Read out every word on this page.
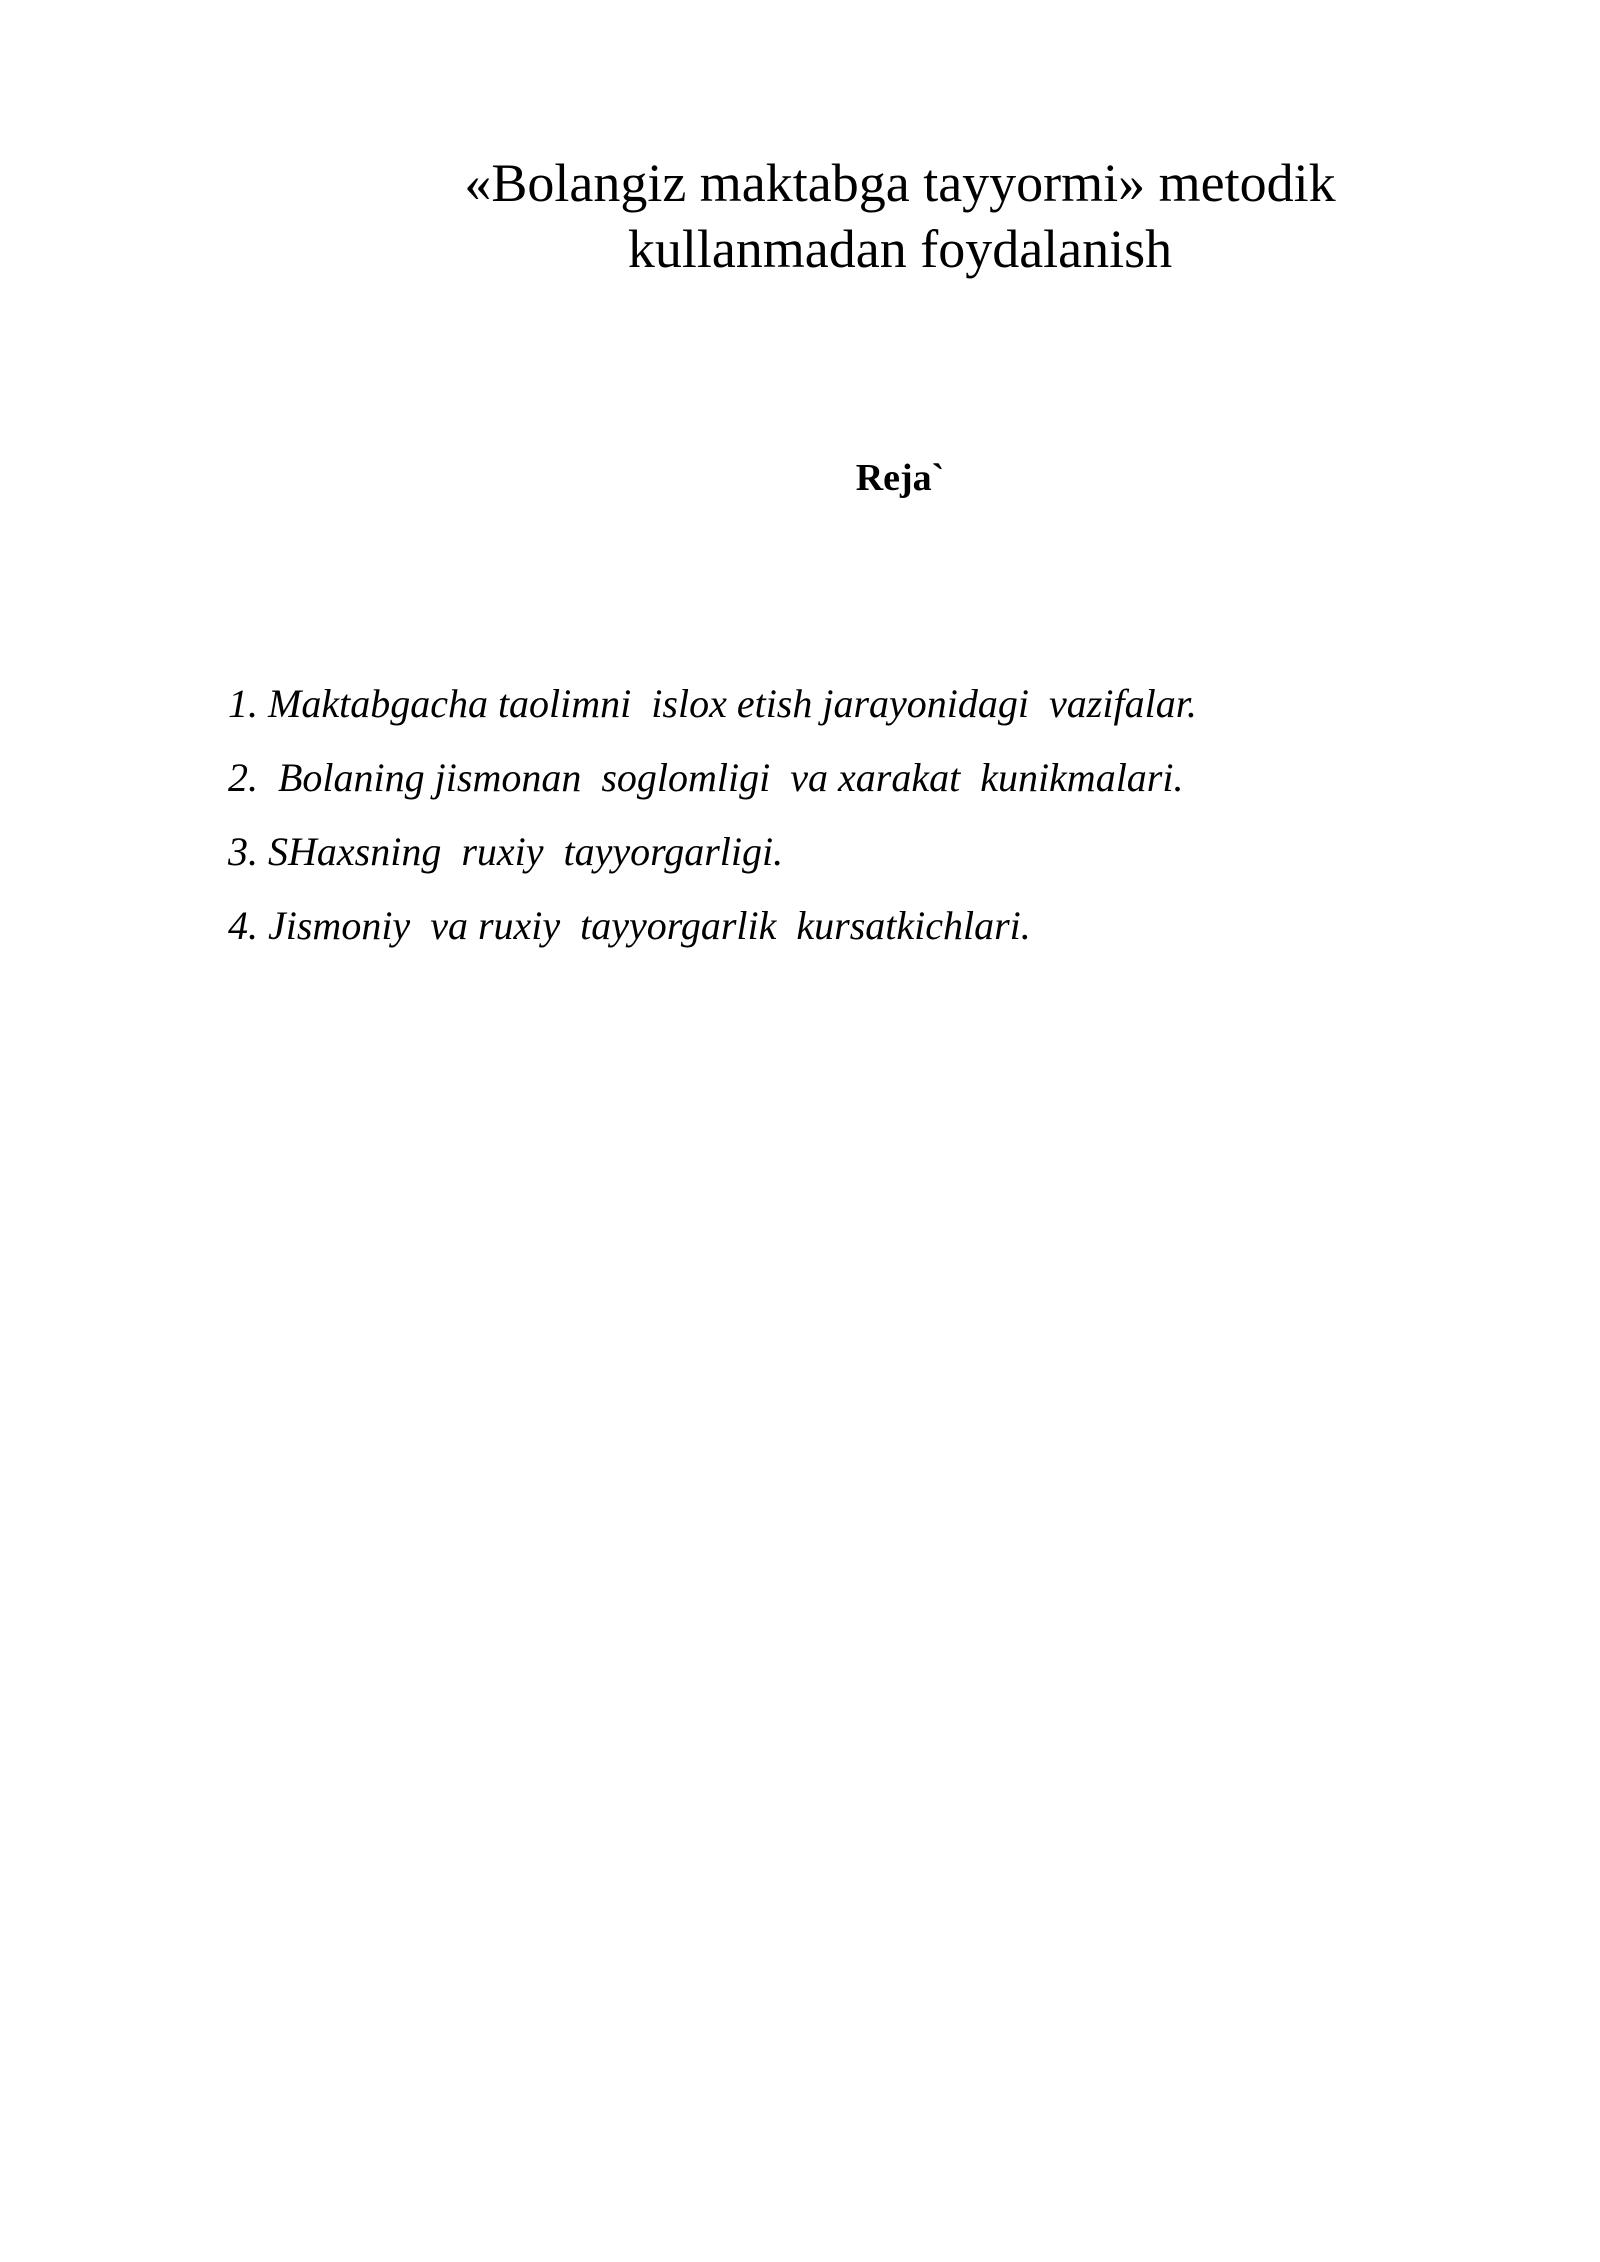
«Bolangiz maktabga tayyormi» metodik
kullanmadan foydalanish
Reja`
1. Maktabgacha taolimni  islox etish jarayonidagi  vazifalar.
2.  Bolaning jismonan  soglomligi  va xarakat  kunikmalari.
3. SHaxsning  ruxiy  tayyorgarligi.
4. Jismoniy  va ruxiy  tayyorgarlik  kursatkichlari.
